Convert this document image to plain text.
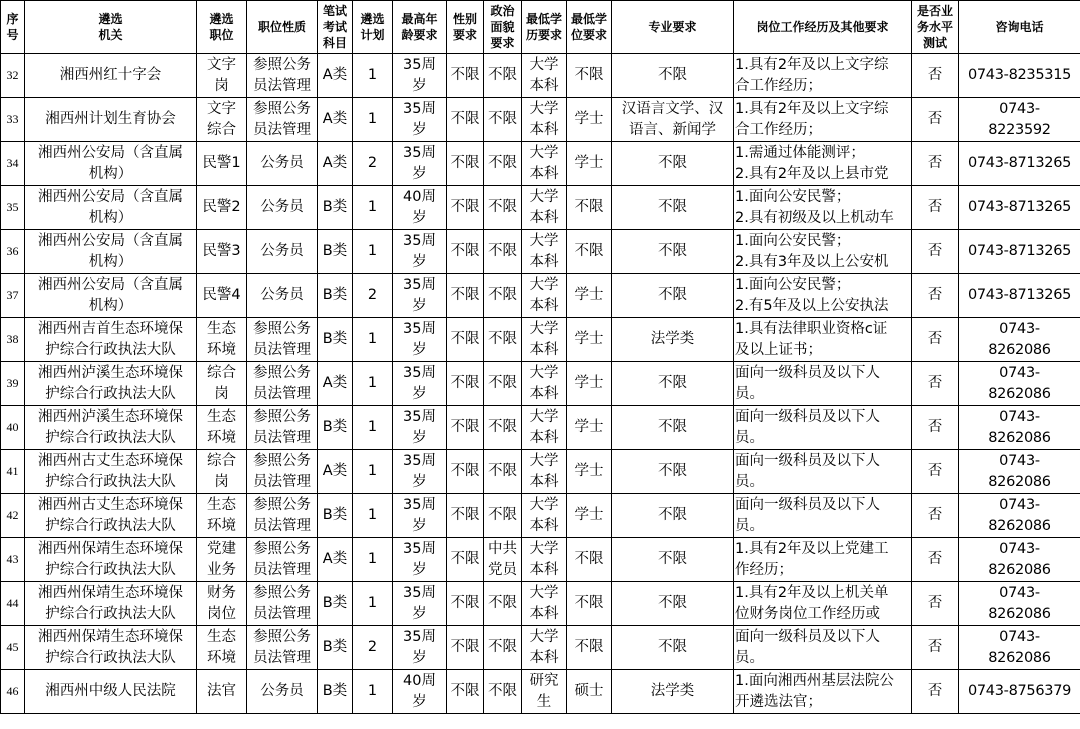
序
号	遴选
机关	遴选
职位	职位性质	笔试
考试
科目	遴选
计划	最高年
龄要求	性别
要求	政治
面貌
要求	最低学
历要求	最低学
位要求	专业要求	岗位工作经历及其他要求	是否业
务水平
测试	咨询电话

32	湘西州红十字会	文字
岗	参照公务
员法管理	A类	1	35周
岁	不限	不限	大学
本科	不限	不限	1.具有2年及以上文字综
合工作经历；	否	0743-8235315

33	湘西州计划生育协会	文字
综合	参照公务
员法管理	A类	1	35周
岁	不限	不限	大学
本科	学士	汉语言文学、汉
语言、新闻学	1.具有2年及以上文字综
合工作经历；	否	0743-
8223592

34	湘西州公安局（含直属
机构）	民警1	公务员	A类	2	35周
岁	不限	不限	大学
本科	学士	不限	1.需通过体能测评；
2.具有2年及以上县市党	否	0743-8713265

35	湘西州公安局（含直属
机构）	民警2	公务员	B类	1	40周
岁	不限	不限	大学
本科	不限	不限	1.面向公安民警；
2.具有初级及以上机动车	否	0743-8713265

36	湘西州公安局（含直属
机构）	民警3	公务员	B类	1	35周
岁	不限	不限	大学
本科	不限	不限	1.面向公安民警；
2.具有3年及以上公安机	否	0743-8713265

37	湘西州公安局（含直属
机构）	民警4	公务员	B类	2	35周
岁	不限	不限	大学
本科	学士	不限	1.面向公安民警；
2.有5年及以上公安执法	否	0743-8713265

38	湘西州吉首生态环境保
护综合行政执法大队	生态
环境	参照公务
员法管理	B类	1	35周
岁	不限	不限	大学
本科	学士	法学类	1.具有法律职业资格c证
及以上证书；	否	0743-
8262086

39	湘西州泸溪生态环境保
护综合行政执法大队	综合
岗	参照公务
员法管理	A类	1	35周
岁	不限	不限	大学
本科	学士	不限	面向一级科员及以下人
员。	否	0743-
8262086

40	湘西州泸溪生态环境保
护综合行政执法大队	生态
环境	参照公务
员法管理	B类	1	35周
岁	不限	不限	大学
本科	学士	不限	面向一级科员及以下人
员。	否	0743-
8262086

41	湘西州古丈生态环境保
护综合行政执法大队	综合
岗	参照公务
员法管理	A类	1	35周
岁	不限	不限	大学
本科	学士	不限	面向一级科员及以下人
员。	否	0743-
8262086

42	湘西州古丈生态环境保
护综合行政执法大队	生态
环境	参照公务
员法管理	B类	1	35周
岁	不限	不限	大学
本科	学士	不限	面向一级科员及以下人
员。	否	0743-
8262086

43	湘西州保靖生态环境保
护综合行政执法大队	党建
业务	参照公务
员法管理	A类	1	35周
岁	不限	中共
党员	大学
本科	不限	不限	1.具有2年及以上党建工
作经历；	否	0743-
8262086

44	湘西州保靖生态环境保
护综合行政执法大队	财务
岗位	参照公务
员法管理	B类	1	35周
岁	不限	不限	大学
本科	不限	不限	1.具有2年及以上机关单
位财务岗位工作经历或	否	0743-
8262086

45	湘西州保靖生态环境保
护综合行政执法大队	生态
环境	参照公务
员法管理	B类	2	35周
岁	不限	不限	大学
本科	不限	不限	面向一级科员及以下人
员。	否	0743-
8262086

46	湘西州中级人民法院	法官	公务员	B类	1	40周
岁	不限	不限	研究
生	硕士	法学类	1.面向湘西州基层法院公
开遴选法官；	否	0743-8756379
